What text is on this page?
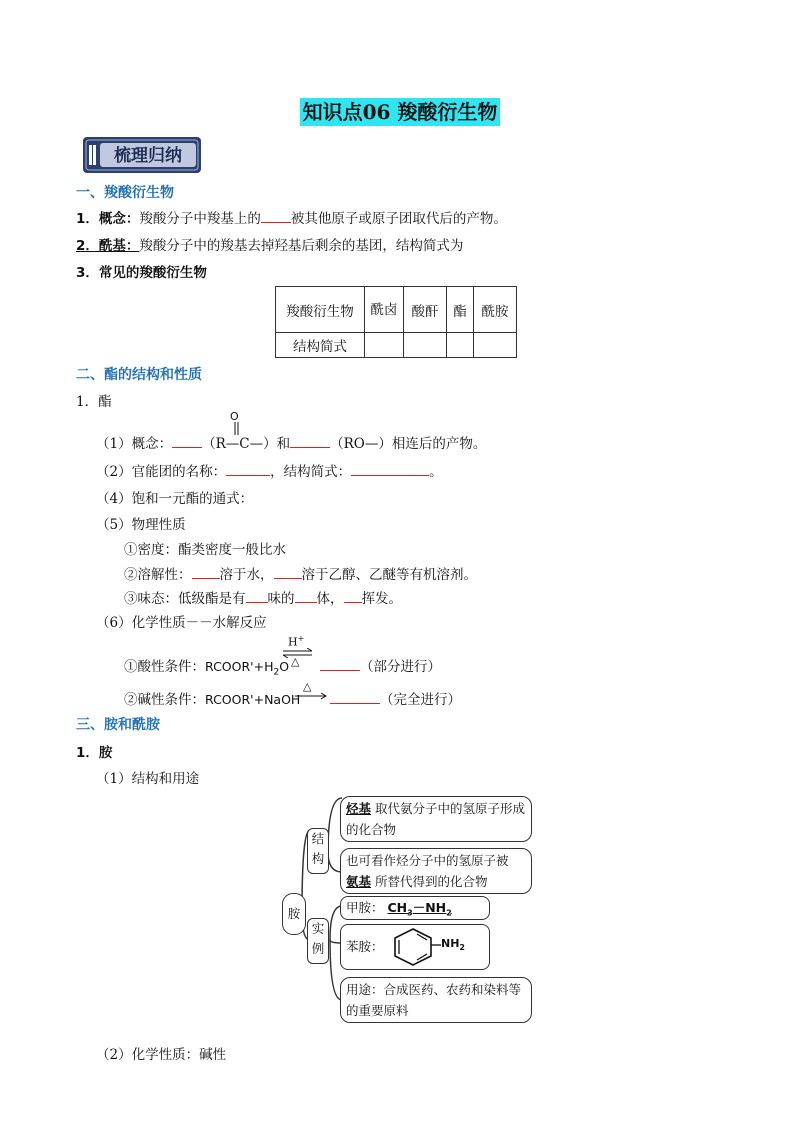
知识点06 羧酸衍生物
梳理归纳
一、羧酸衍生物
1．概念：羧酸分子中羧基上的 被其他原子或原子团取代后的产物。
2．酰基：羧酸分子中的羧基去掉羟基后剩余的基团，结构简式为
3．常见的羧酸衍生物
羧酸衍生物	酰卤	酸酐	酯	酰胺
结构简式				
二、酯的结构和性质
1．酯
（1）概念： （R—C—）和	（RO—）相连后的产物。
O
（2）官能团的名称：	，结构简式：	。
（4）饱和一元酯的通式：
（5）物理性质
①密度：酯类密度一般比水
②溶解性： 溶于水， 溶于乙醇、乙醚等有机溶剂。
③味态：低级酯是有 味的 体， 挥发。
（6）化学性质－－水解反应
①酸性条件：$RCOOR'+H_2O$
H+
△	（部分进行）
②碱性条件：RCOOR'+NaOH
△
（完全进行）
三、胺和酰胺
1．胺
（1）结构和用途
胺
结
构
实
例
烃基 取代氨分子中的氢原子形成
的化合物
也可看作烃分子中的氢原子被
氨基 所替代得到的化合物
甲胺： $CH_3-NH_2$
苯胺：	$NH_2$
用途：合成医药、农药和染料等
的重要原料
（2）化学性质：碱性
